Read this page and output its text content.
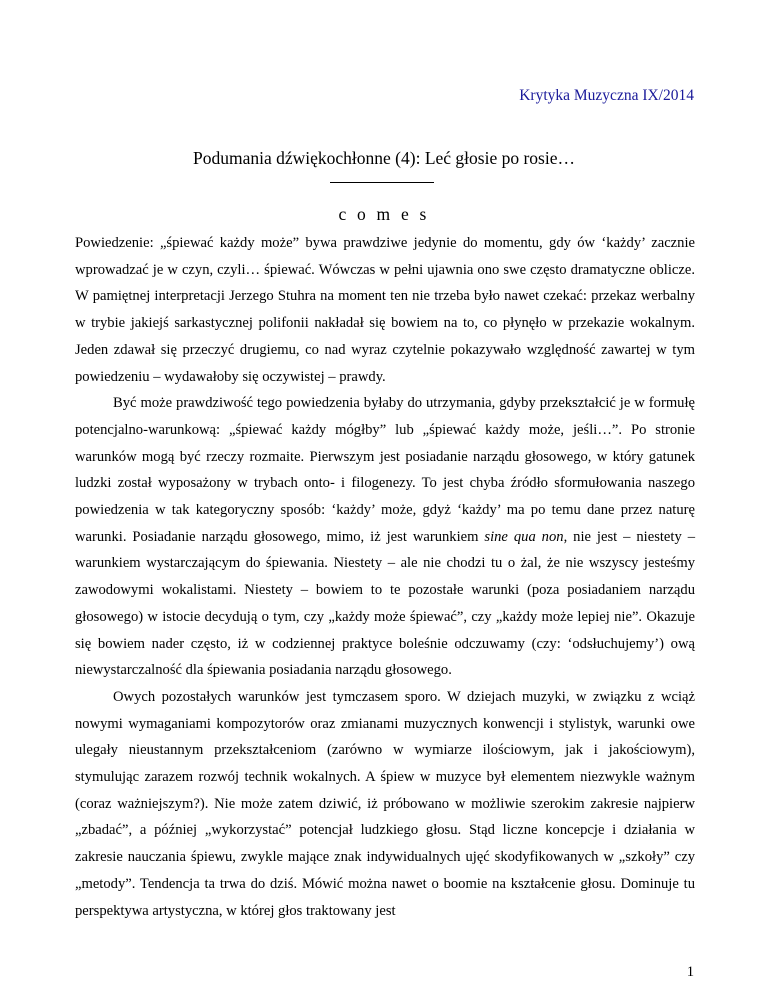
Krytyka Muzyczna IX/2014
Podumania dźwiękochłonne (4): Leć głosie po rosie…
c o m e s

Powiedzenie: „śpiewać każdy może” bywa prawdziwe jedynie do momentu, gdy ów ‘każdy’ zacznie wprowadzać je w czyn, czyli… śpiewać. Wówczas w pełni ujawnia ono swe często dramatyczne oblicze. W pamiętnej interpretacji Jerzego Stuhra na moment ten nie trzeba było nawet czekać: przekaz werbalny w trybie jakiejś sarkastycznej polifonii nakładał się bowiem na to, co płynęło w przekazie wokalnym. Jeden zdawał się przeczyć drugiemu, co nad wyraz czytelnie pokazywało względność zawartej w tym powiedzeniu – wydawałoby się oczywistej – prawdy.

Być może prawdziwość tego powiedzenia byłaby do utrzymania, gdyby przekształcić je w formułę potencjalno-warunkową: „śpiewać każdy mógłby” lub „śpiewać każdy może, jeśli…”. Po stronie warunków mogą być rzeczy rozmaite. Pierwszym jest posiadanie narządu głosowego, w który gatunek ludzki został wyposażony w trybach onto- i filogenezy. To jest chyba źródło sformułowania naszego powiedzenia w tak kategoryczny sposób: ‘każdy’ może, gdyż ‘każdy’ ma po temu dane przez naturę warunki. Posiadanie narządu głosowego, mimo, iż jest warunkiem sine qua non, nie jest – niestety – warunkiem wystarczającym do śpiewania. Niestety – ale nie chodzi tu o żal, że nie wszyscy jesteśmy zawodowymi wokalistami. Niestety – bowiem to te pozostałe warunki (poza posiadaniem narządu głosowego) w istocie decydują o tym, czy „każdy może śpiewać”, czy „każdy może lepiej nie”. Okazuje się bowiem nader często, iż w codziennej praktyce boleśnie odczuwamy (czy: ‘odsłuchujemy’) ową niewystarczalność dla śpiewania posiadania narządu głosowego.

Owych pozostałych warunków jest tymczasem sporo. W dziejach muzyki, w związku z wciąż nowymi wymaganiami kompozytorów oraz zmianami muzycznych konwencji i stylistyk, warunki owe ulegały nieustannym przekształceniom (zarówno w wymiarze ilościowym, jak i jakościowym), stymulując zarazem rozwój technik wokalnych. A śpiew w muzyce był elementem niezwykle ważnym (coraz ważniejszym?). Nie może zatem dziwić, iż próbowano w możliwie szerokim zakresie najpierw „zbadać”, a później „wykorzystać” potencjał ludzkiego głosu. Stąd liczne koncepcje i działania w zakresie nauczania śpiewu, zwykle mające znak indywidualnych ujęć skodyfikowanych w „szkoły” czy „metody”. Tendencja ta trwa do dziś. Mówić można nawet o boomie na kształcenie głosu. Dominuje tu perspektywa artystyczna, w której głos traktowany jest

1
